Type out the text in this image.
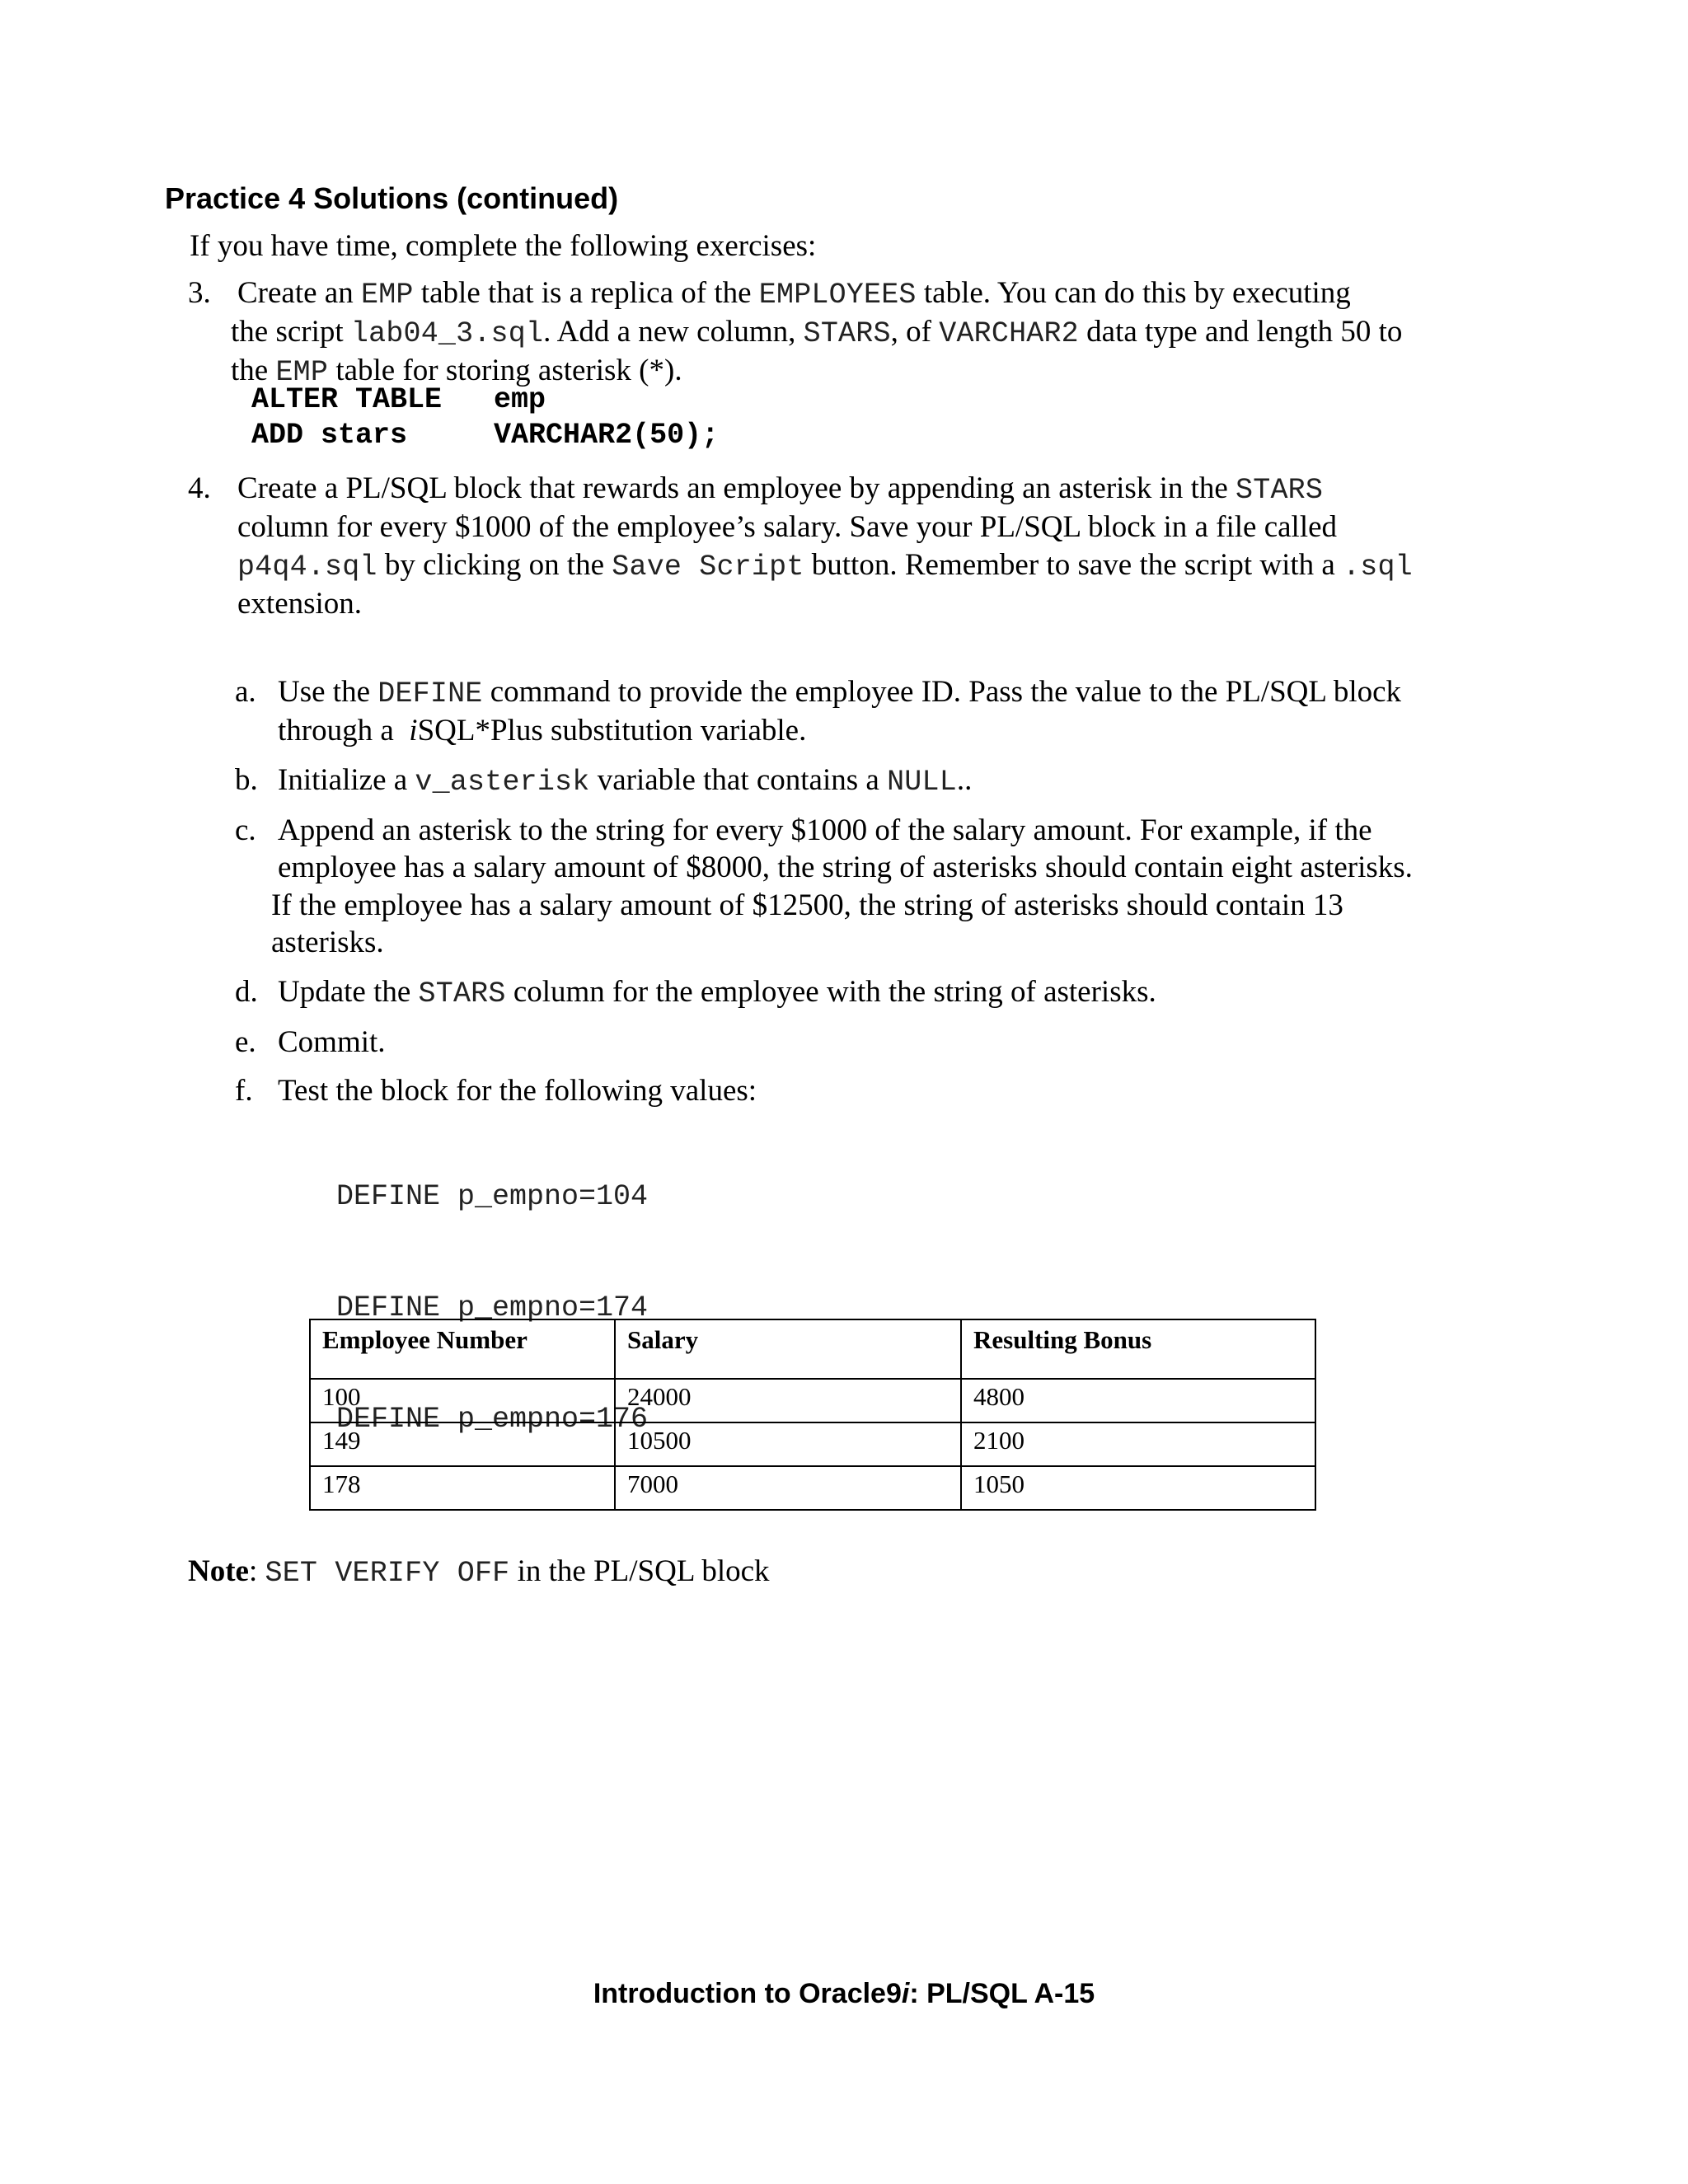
Practice 4 Solutions (continued)
If you have time, complete the following exercises:
3. Create an EMP table that is a replica of the EMPLOYEES table. You can do this by executing
the script lab04_3.sql. Add a new column, STARS, of VARCHAR2 data type and length 50 to
the EMP table for storing asterisk (*).
ALTER TABLE   emp
ADD stars     VARCHAR2(50);
4. Create a PL/SQL block that rewards an employee by appending an asterisk in the STARS
column for every $1000 of the employee’s salary. Save your PL/SQL block in a file called
p4q4.sql by clicking on the Save Script button. Remember to save the script with a .sql
extension.
a. Use the DEFINE command to provide the employee ID. Pass the value to the PL/SQL block
through a  iSQL*Plus substitution variable.
b. Initialize a v_asterisk variable that contains a NULL..
c. Append an asterisk to the string for every $1000 of the salary amount. For example, if the
employee has a salary amount of $8000, the string of asterisks should contain eight asterisks.
If the employee has a salary amount of $12500, the string of asterisks should contain 13
asterisks.
d. Update the STARS column for the employee with the string of asterisks.
e. Commit.
f. Test the block for the following values:

DEFINE p_empno=104

DEFINE p_empno=174

DEFINE p_empno=176

Employee Number	Salary	Resulting Bonus
100	24000	4800
149	10500	2100
178	7000	1050
Note: SET VERIFY OFF in the PL/SQL block
Introduction to Oracle9i: PL/SQL A-15
